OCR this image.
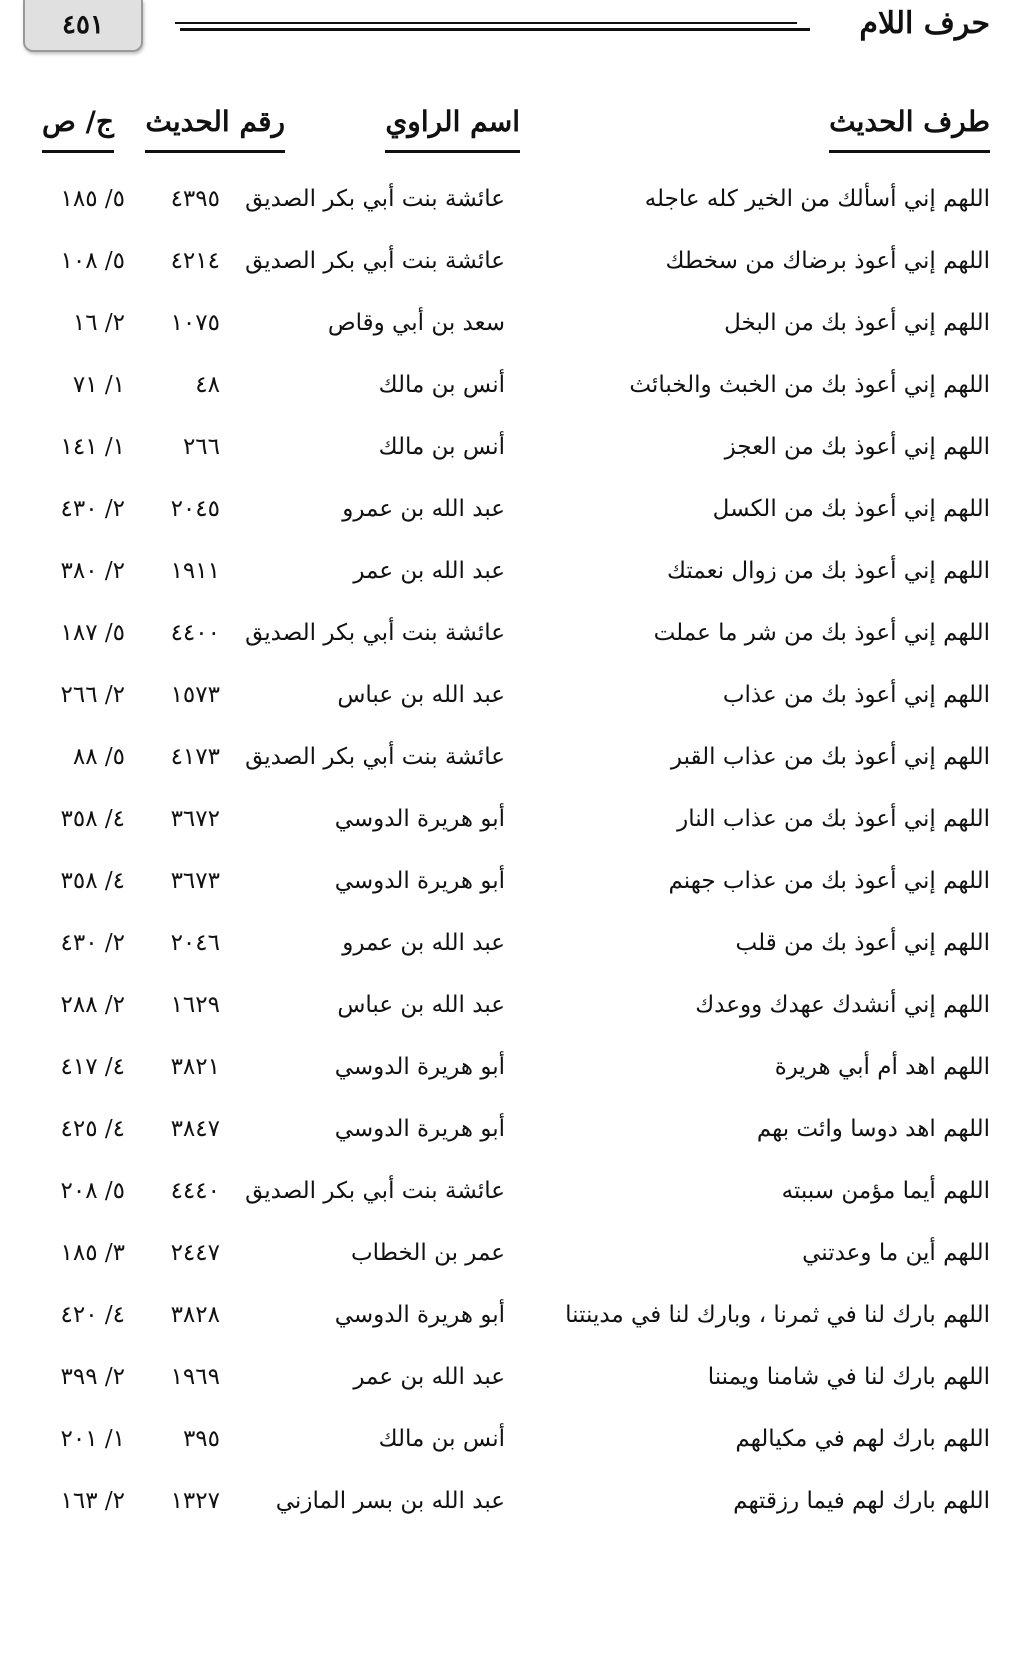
حرف اللام
٤٥١
طرف الحديث
اسم الراوي
رقم الحديث
ج/ ص
اللهم إني أسألك من الخير كله عاجله
عائشة بنت أبي بكر الصديق
٤٣٩٥
٥/ ١٨٥
اللهم إني أعوذ برضاك من سخطك
عائشة بنت أبي بكر الصديق
٤٢١٤
٥/ ١٠٨
اللهم إني أعوذ بك من البخل
سعد بن أبي وقاص
١٠٧٥
٢/ ١٦
اللهم إني أعوذ بك من الخبث والخبائث
أنس بن مالك
٤٨
١/ ٧١
اللهم إني أعوذ بك من العجز
أنس بن مالك
٢٦٦
١/ ١٤١
اللهم إني أعوذ بك من الكسل
عبد الله بن عمرو
٢٠٤٥
٢/ ٤٣٠
اللهم إني أعوذ بك من زوال نعمتك
عبد الله بن عمر
١٩١١
٢/ ٣٨٠
اللهم إني أعوذ بك من شر ما عملت
عائشة بنت أبي بكر الصديق
٤٤٠٠
٥/ ١٨٧
اللهم إني أعوذ بك من عذاب
عبد الله بن عباس
١٥٧٣
٢/ ٢٦٦
اللهم إني أعوذ بك من عذاب القبر
عائشة بنت أبي بكر الصديق
٤١٧٣
٥/ ٨٨
اللهم إني أعوذ بك من عذاب النار
أبو هريرة الدوسي
٣٦٧٢
٤/ ٣٥٨
اللهم إني أعوذ بك من عذاب جهنم
أبو هريرة الدوسي
٣٦٧٣
٤/ ٣٥٨
اللهم إني أعوذ بك من قلب
عبد الله بن عمرو
٢٠٤٦
٢/ ٤٣٠
اللهم إني أنشدك عهدك ووعدك
عبد الله بن عباس
١٦٢٩
٢/ ٢٨٨
اللهم اهد أم أبي هريرة
أبو هريرة الدوسي
٣٨٢١
٤/ ٤١٧
اللهم اهد دوسا وائت بهم
أبو هريرة الدوسي
٣٨٤٧
٤/ ٤٢٥
اللهم أيما مؤمن سببته
عائشة بنت أبي بكر الصديق
٤٤٤٠
٥/ ٢٠٨
اللهم أين ما وعدتني
عمر بن الخطاب
٢٤٤٧
٣/ ١٨٥
اللهم بارك لنا في ثمرنا ، وبارك لنا في مدينتنا
أبو هريرة الدوسي
٣٨٢٨
٤/ ٤٢٠
اللهم بارك لنا في شامنا ويمننا
عبد الله بن عمر
١٩٦٩
٢/ ٣٩٩
اللهم بارك لهم في مكيالهم
أنس بن مالك
٣٩٥
١/ ٢٠١
اللهم بارك لهم فيما رزقتهم
عبد الله بن بسر المازني
١٣٢٧
٢/ ١٦٣
